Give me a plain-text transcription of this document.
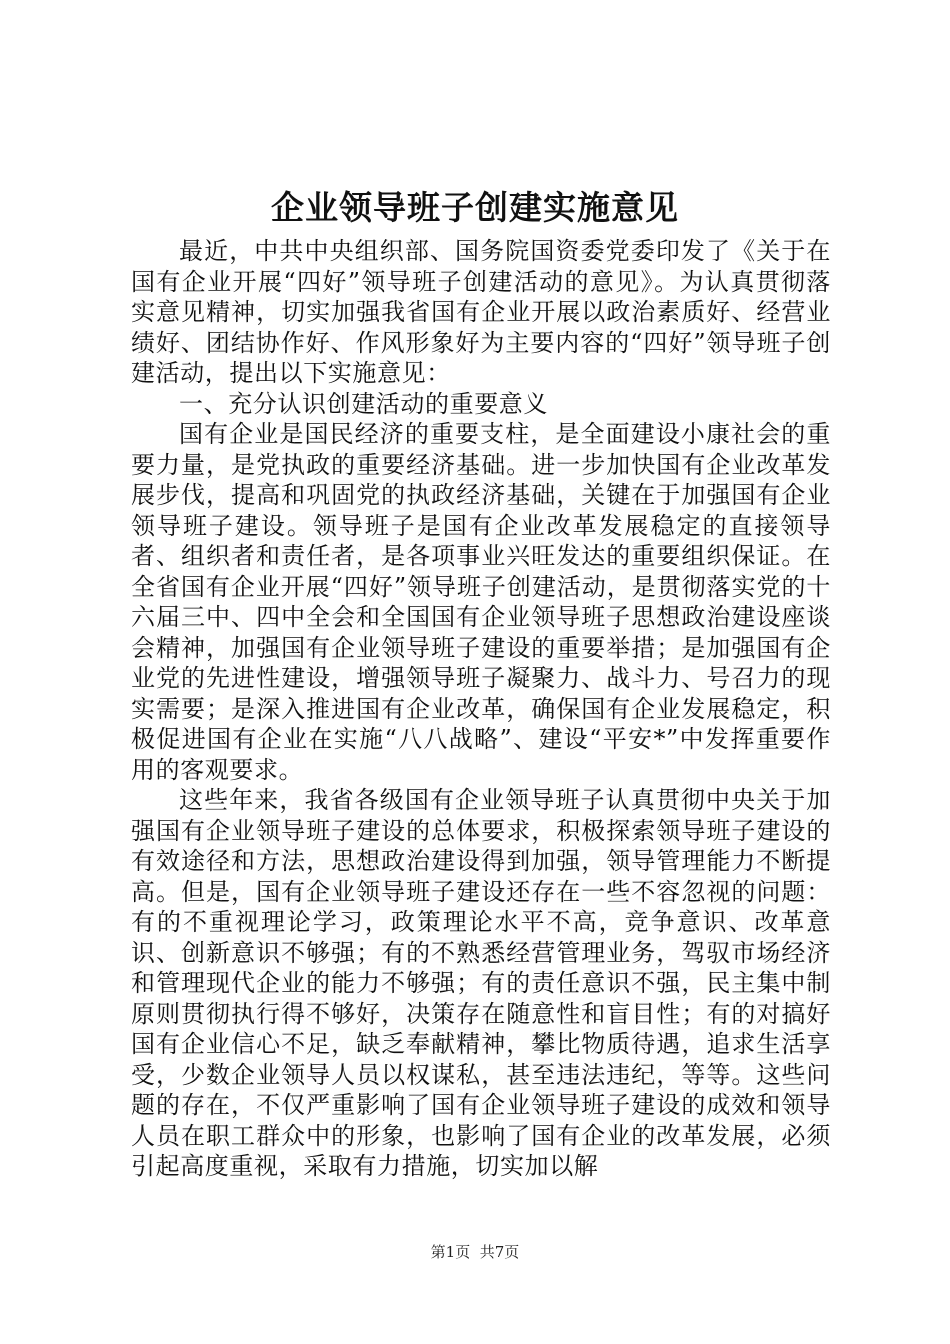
企业领导班子创建实施意见

最近，中共中央组织部、国务院国资委党委印发了《关于在国有企业开展“四好”领导班子创建活动的意见》。为认真贯彻落实意见精神，切实加强我省国有企业开展以政治素质好、经营业绩好、团结协作好、作风形象好为主要内容的“四好”领导班子创建活动，提出以下实施意见：

一、充分认识创建活动的重要意义

国有企业是国民经济的重要支柱，是全面建设小康社会的重要力量，是党执政的重要经济基础。进一步加快国有企业改革发展步伐，提高和巩固党的执政经济基础，关键在于加强国有企业领导班子建设。领导班子是国有企业改革发展稳定的直接领导者、组织者和责任者，是各项事业兴旺发达的重要组织保证。在全省国有企业开展“四好”领导班子创建活动，是贯彻落实党的十六届三中、四中全会和全国国有企业领导班子思想政治建设座谈会精神，加强国有企业领导班子建设的重要举措；是加强国有企业党的先进性建设，增强领导班子凝聚力、战斗力、号召力的现实需要；是深入推进国有企业改革，确保国有企业发展稳定，积极促进国有企业在实施“八八战略”、建设“平安*”中发挥重要作用的客观要求。

这些年来，我省各级国有企业领导班子认真贯彻中央关于加强国有企业领导班子建设的总体要求，积极探索领导班子建设的有效途径和方法，思想政治建设得到加强，领导管理能力不断提高。但是，国有企业领导班子建设还存在一些不容忽视的问题：有的不重视理论学习，政策理论水平不高，竞争意识、改革意识、创新意识不够强；有的不熟悉经营管理业务，驾驭市场经济和管理现代企业的能力不够强；有的责任意识不强，民主集中制原则贯彻执行得不够好，决策存在随意性和盲目性；有的对搞好国有企业信心不足，缺乏奉献精神，攀比物质待遇，追求生活享受，少数企业领导人员以权谋私，甚至违法违纪，等等。这些问题的存在，不仅严重影响了国有企业领导班子建设的成效和领导人员在职工群众中的形象，也影响了国有企业的改革发展，必须引起高度重视，采取有力措施，切实加以解

第1页 共7页
